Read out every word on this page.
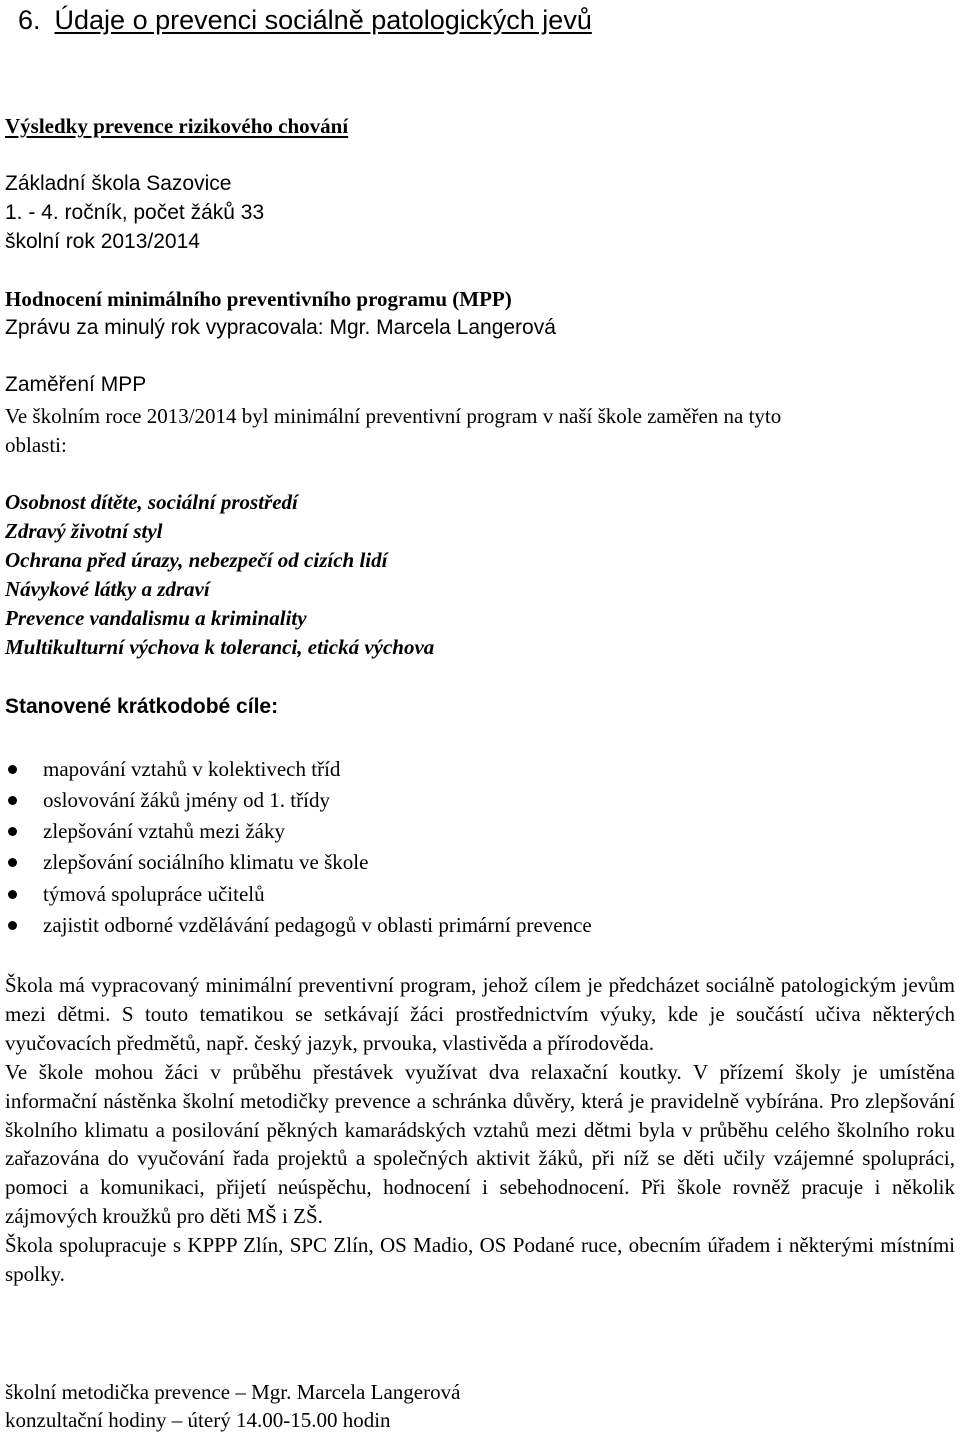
6. Údaje o prevenci sociálně patologických jevů
Výsledky prevence rizikového chování
Základní škola Sazovice
1. - 4. ročník, počet žáků 33
školní rok 2013/2014
Hodnocení minimálního preventivního programu (MPP)
Zprávu za minulý rok vypracovala: Mgr. Marcela Langerová
Zaměření MPP
Ve školním roce 2013/2014 byl minimální preventivní program v naší škole zaměřen na tyto
oblasti:
Osobnost dítěte, sociální prostředí
Zdravý životní styl
Ochrana před úrazy, nebezpečí od cizích lidí
Návykové látky a zdraví
Prevence vandalismu a kriminality
Multikulturní výchova k toleranci, etická výchova
Stanovené krátkodobé cíle:
mapování vztahů v kolektivech tříd
oslovování žáků jmény od 1. třídy
zlepšování vztahů mezi žáky
zlepšování sociálního klimatu ve škole
týmová spolupráce učitelů
zajistit odborné vzdělávání pedagogů v oblasti primární prevence

Škola má vypracovaný minimální preventivní program, jehož cílem je předcházet sociálně patologickým jevům mezi dětmi. S touto tematikou se setkávají žáci prostřednictvím výuky, kde je součástí učiva některých vyučovacích předmětů, např. český jazyk, prvouka, vlastivěda a přírodověda.

Ve škole mohou žáci v průběhu přestávek využívat dva relaxační koutky. V přízemí školy je umístěna informační nástěnka školní metodičky prevence a schránka důvěry, která je pravidelně vybírána. Pro zlepšování školního klimatu a posilování pěkných kamarádských vztahů mezi dětmi byla v průběhu celého školního roku zařazována do vyučování řada projektů a společných aktivit žáků, při níž se děti učily vzájemné spolupráci, pomoci a komunikaci, přijetí neúspěchu, hodnocení i sebehodnocení. Při škole rovněž pracuje i několik zájmových kroužků pro děti MŠ i ZŠ.

Škola spolupracuje s KPPP Zlín, SPC Zlín, OS Madio, OS Podané ruce, obecním úřadem i některými místními spolky.

školní metodička prevence – Mgr. Marcela Langerová
konzultační hodiny – úterý 14.00-15.00 hodin
